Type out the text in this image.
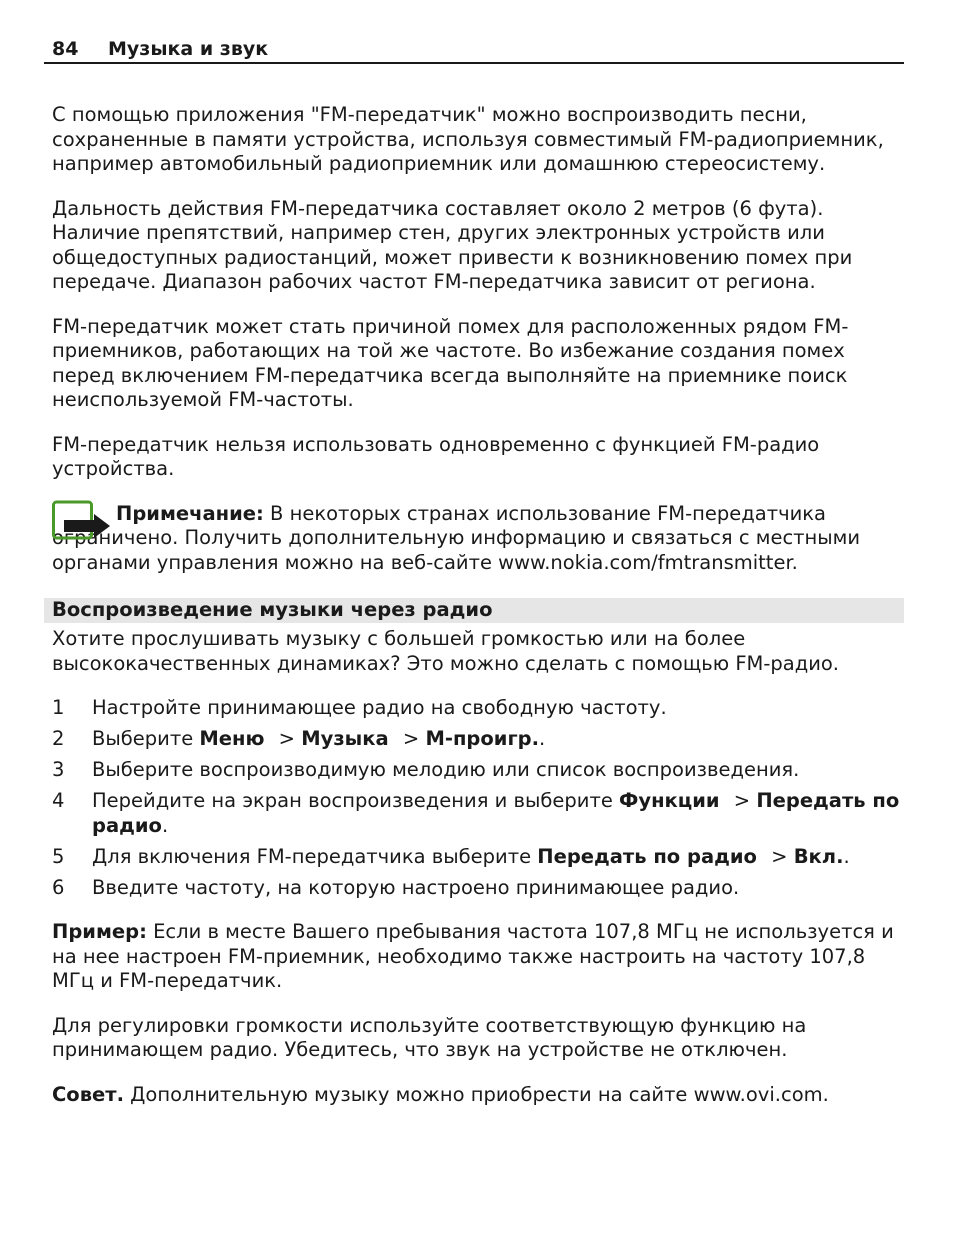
84 Музыка и звук

С помощью приложения "FM-передатчик" можно воспроизводить песни, сохраненные в памяти устройства, используя совместимый FM-радиоприемник, например автомобильный радиоприемник или домашнюю стереосистему.

Дальность действия FM-передатчика составляет около 2 метров (6 фута). Наличие препятствий, например стен, других электронных устройств или общедоступных радиостанций, может привести к возникновению помех при передаче. Диапазон рабочих частот FM-передатчика зависит от региона.

FM-передатчик может стать причиной помех для расположенных рядом FM-приемников, работающих на той же частоте. Во избежание создания помех перед включением FM-передатчика всегда выполняйте на приемнике поиск неиспользуемой FM-частоты.

FM-передатчик нельзя использовать одновременно с функцией FM-радио устройства.

Примечание: В некоторых странах использование FM-передатчика ограничено. Получить дополнительную информацию и связаться с местными органами управления можно на веб-сайте www.nokia.com/fmtransmitter.

Воспроизведение музыки через радио

Хотите прослушивать музыку с большей громкостью или на более высококачественных динамиках? Это можно сделать с помощью FM-радио.

1	Настройте принимающее радио на свободную частоту.
2	Выберите Меню > Музыка > М-проигр..
3	Выберите воспроизводимую мелодию или список воспроизведения.
4	Перейдите на экран воспроизведения и выберите Функции > Передать по радио.
5	Для включения FM-передатчика выберите Передать по радио > Вкл..
6	Введите частоту, на которую настроено принимающее радио.

Пример: Если в месте Вашего пребывания частота 107,8 МГц не используется и на нее настроен FM-приемник, необходимо также настроить на частоту 107,8 МГц и FM-передатчик.

Для регулировки громкости используйте соответствующую функцию на принимающем радио. Убедитесь, что звук на устройстве не отключен.

Совет. Дополнительную музыку можно приобрести на сайте www.ovi.com.
